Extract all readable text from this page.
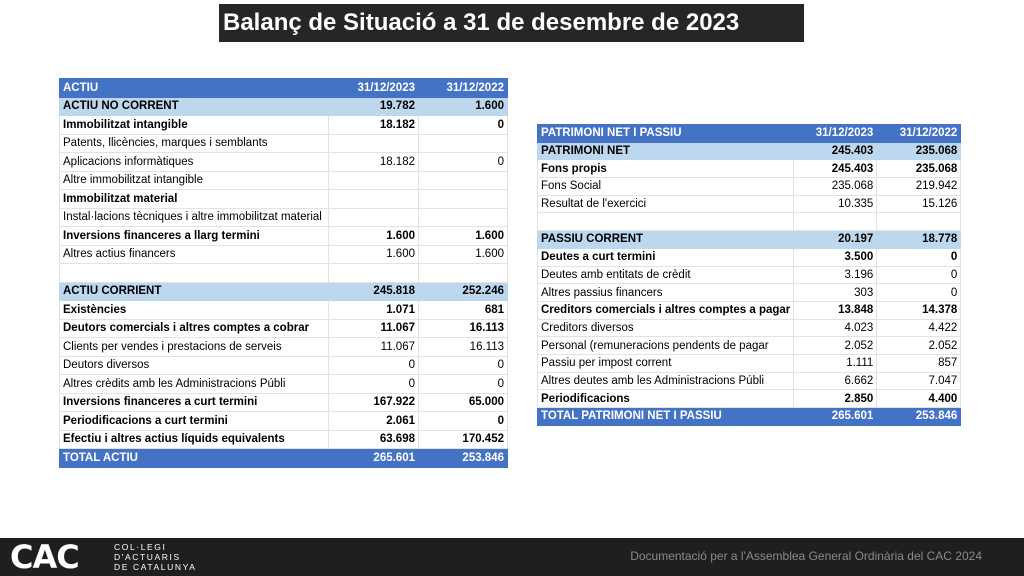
Balanç de Situació a 31 de desembre de 2023
ACTIU	31/12/2023	31/12/2022
ACTIU NO CORRENT	19.782	1.600
Immobilitzat intangible	18.182	0
Patents, llicències, marques i semblants		
Aplicacions informàtiques	18.182	0
Altre immobilitzat intangible		
Immobilitzat material		
Instal·lacions tècniques i altre immobilitzat material		
Inversions financeres a llarg termini	1.600	1.600
Altres actius financers	1.600	1.600

ACTIU CORRIENT	245.818	252.246
Existències	1.071	681
Deutors comercials i altres comptes a cobrar	11.067	16.113
Clients per vendes i prestacions de serveis	11.067	16.113
Deutors diversos	0	0
Altres crèdits amb les Administracions Públi	0	0
Inversions financeres a curt termini	167.922	65.000
Periodificacions a curt termini	2.061	0
Efectiu i altres actius líquids equivalents	63.698	170.452
TOTAL ACTIU	265.601	253.846
PATRIMONI NET I PASSIU	31/12/2023	31/12/2022
PATRIMONI NET	245.403	235.068
Fons propis	245.403	235.068
Fons Social	235.068	219.942
Resultat de l'exercici	10.335	15.126

PASSIU CORRENT	20.197	18.778
Deutes a curt termini	3.500	0
Deutes amb entitats de crèdit	3.196	0
Altres passius financers	303	0
Creditors comercials i altres comptes a pagar	13.848	14.378
Creditors diversos	4.023	4.422
Personal (remuneracions pendents de pagar	2.052	2.052
Passiu per impost corrent	1.111	857
Altres deutes amb les Administracions Públi	6.662	7.047
Periodificacions	2.850	4.400
TOTAL PATRIMONI NET I PASSIU	265.601	253.846
CAC	COL·LEGI
D'ACTUARIS
DE CATALUNYA
Documentació per a l'Assemblea General Ordinària del CAC 2024
